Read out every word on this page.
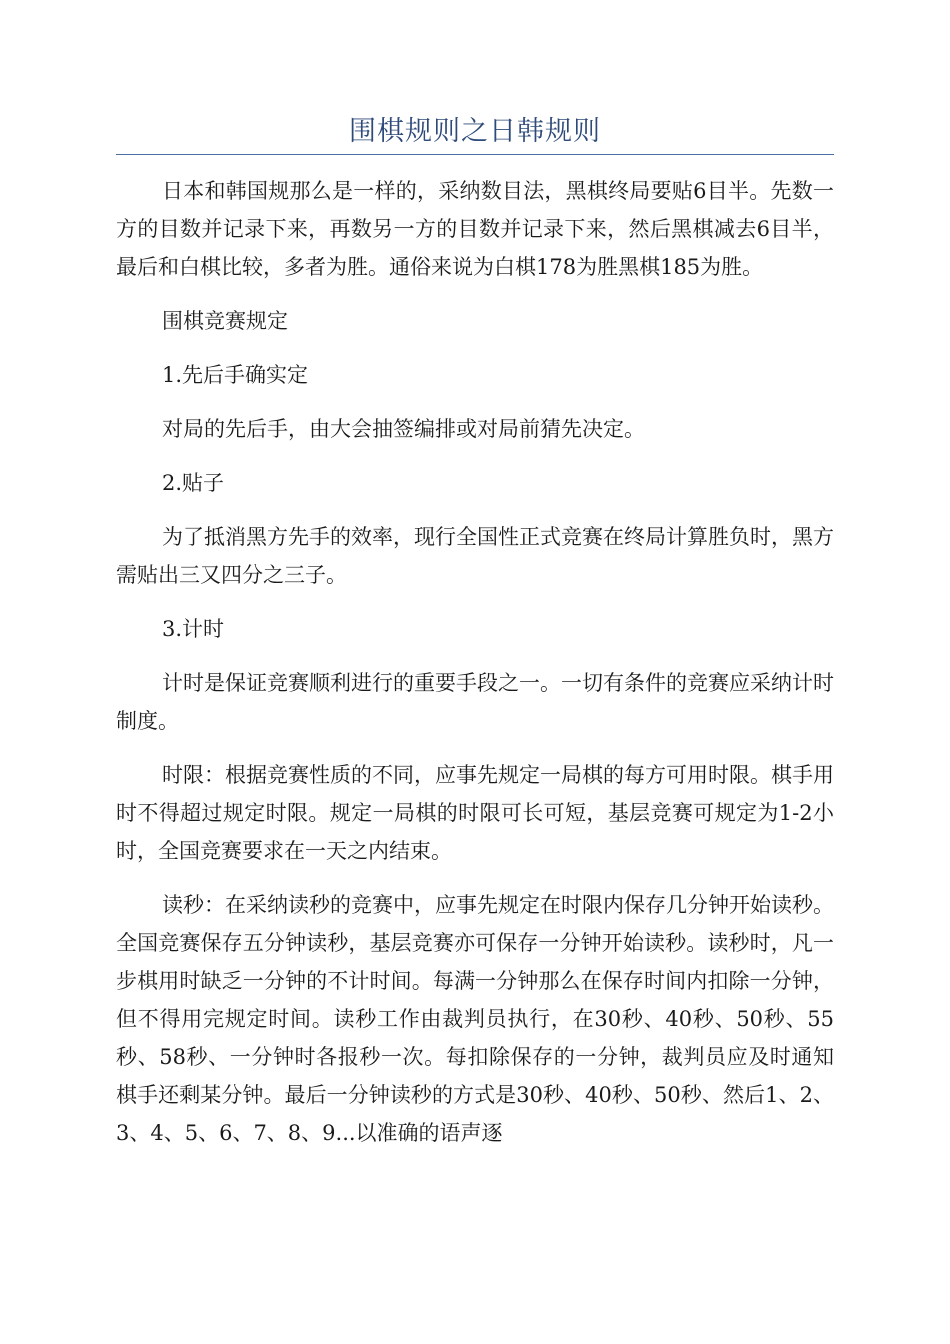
围棋规则之日韩规则

日本和韩国规那么是一样的，采纳数目法，黑棋终局要贴6目半。先数一方的目数并记录下来，再数另一方的目数并记录下来，然后黑棋减去6目半，最后和白棋比较，多者为胜。通俗来说为白棋178为胜黑棋185为胜。

围棋竞赛规定

1.先后手确实定

对局的先后手，由大会抽签编排或对局前猜先决定。

2.贴子

为了抵消黑方先手的效率，现行全国性正式竞赛在终局计算胜负时，黑方需贴出三又四分之三子。

3.计时

计时是保证竞赛顺利进行的重要手段之一。一切有条件的竞赛应采纳计时制度。

时限：根据竞赛性质的不同，应事先规定一局棋的每方可用时限。棋手用时不得超过规定时限。规定一局棋的时限可长可短，基层竞赛可规定为1-2小时，全国竞赛要求在一天之内结束。

读秒：在采纳读秒的竞赛中，应事先规定在时限内保存几分钟开始读秒。全国竞赛保存五分钟读秒，基层竞赛亦可保存一分钟开始读秒。读秒时，凡一步棋用时缺乏一分钟的不计时间。每满一分钟那么在保存时间内扣除一分钟，但不得用完规定时间。读秒工作由裁判员执行，在30秒、40秒、50秒、55秒、58秒、一分钟时各报秒一次。每扣除保存的一分钟，裁判员应及时通知棋手还剩某分钟。最后一分钟读秒的方式是30秒、40秒、50秒、然后1、2、3、4、5、6、7、8、9...以准确的语声逐
